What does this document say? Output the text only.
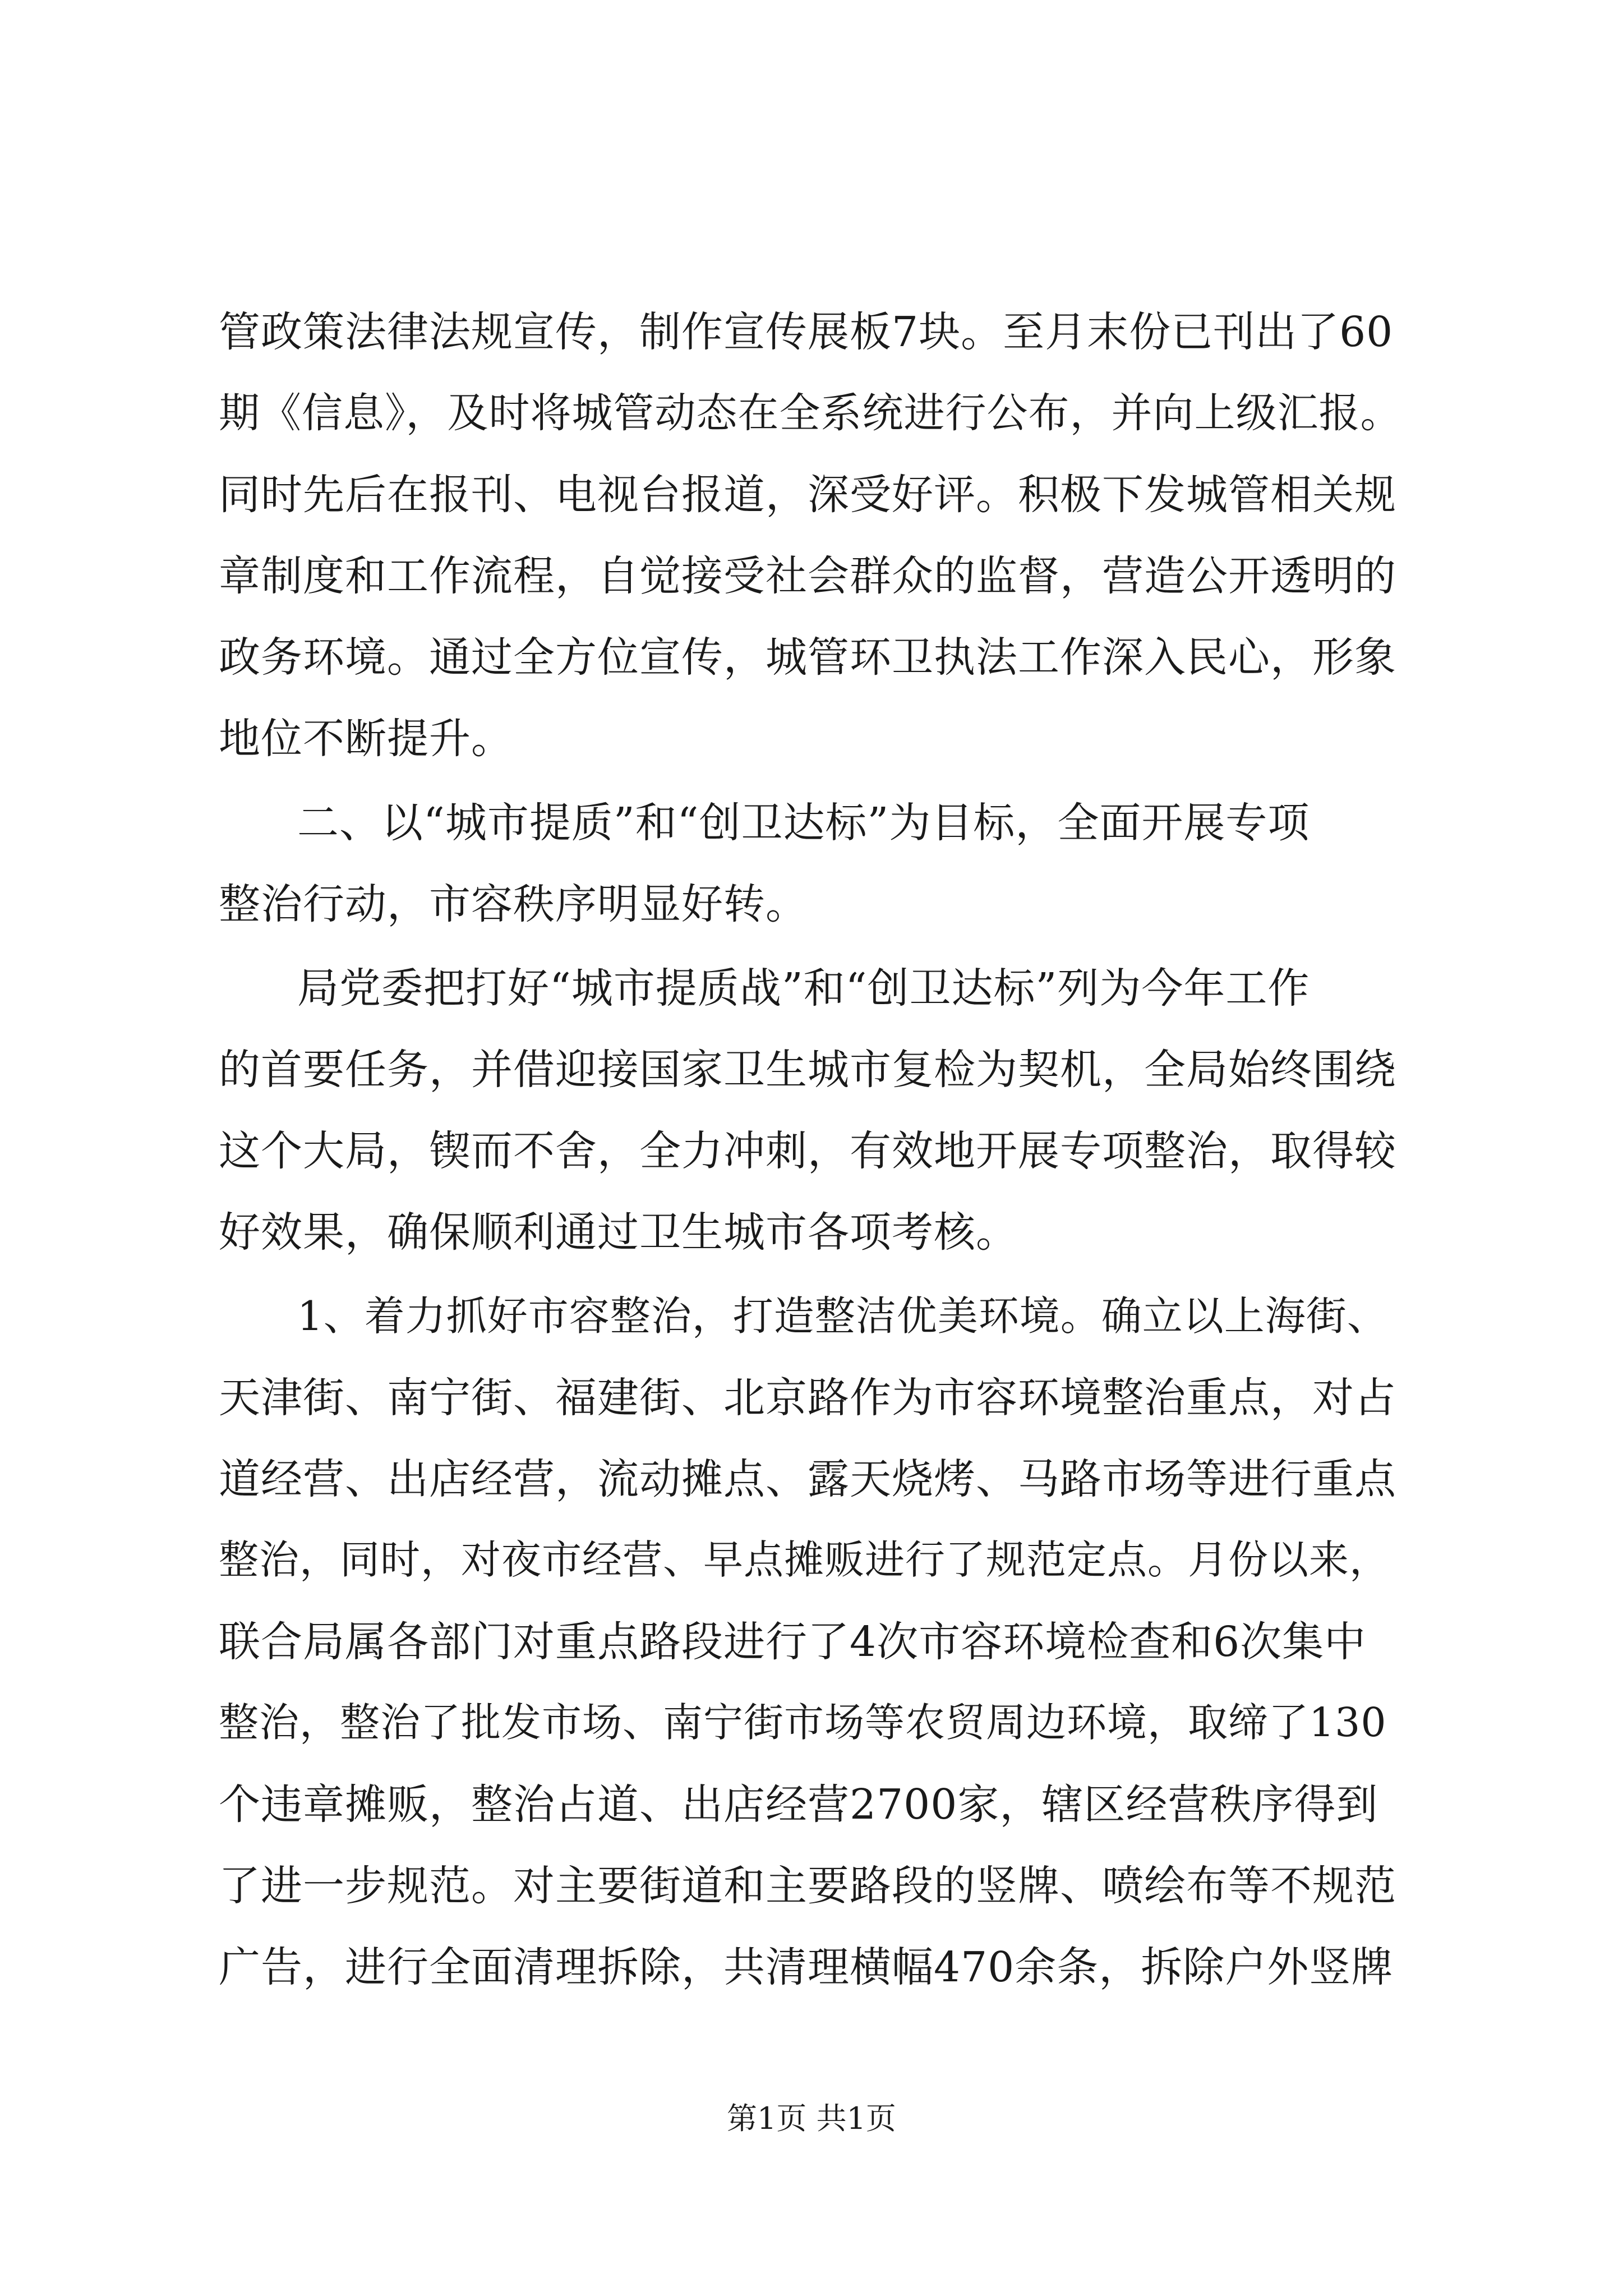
管政策法律法规宣传，制作宣传展板7块。至月末份已刊出了60
期《信息》，及时将城管动态在全系统进行公布，并向上级汇报。
同时先后在报刊、电视台报道，深受好评。积极下发城管相关规
章制度和工作流程，自觉接受社会群众的监督，营造公开透明的
政务环境。通过全方位宣传，城管环卫执法工作深入民心，形象
地位不断提升。
二、以“城市提质”和“创卫达标”为目标，全面开展专项
整治行动，市容秩序明显好转。
局党委把打好“城市提质战”和“创卫达标”列为今年工作
的首要任务，并借迎接国家卫生城市复检为契机，全局始终围绕
这个大局，锲而不舍，全力冲刺，有效地开展专项整治，取得较
好效果，确保顺利通过卫生城市各项考核。
1、着力抓好市容整治，打造整洁优美环境。确立以上海街、
天津街、南宁街、福建街、北京路作为市容环境整治重点，对占
道经营、出店经营，流动摊点、露天烧烤、马路市场等进行重点
整治，同时，对夜市经营、早点摊贩进行了规范定点。月份以来，
联合局属各部门对重点路段进行了4次市容环境检查和6次集中
整治，整治了批发市场、南宁街市场等农贸周边环境，取缔了130
个违章摊贩，整治占道、出店经营2700家，辖区经营秩序得到
了进一步规范。对主要街道和主要路段的竖牌、喷绘布等不规范
广告，进行全面清理拆除，共清理横幅470余条，拆除户外竖牌
第1页 共1页
